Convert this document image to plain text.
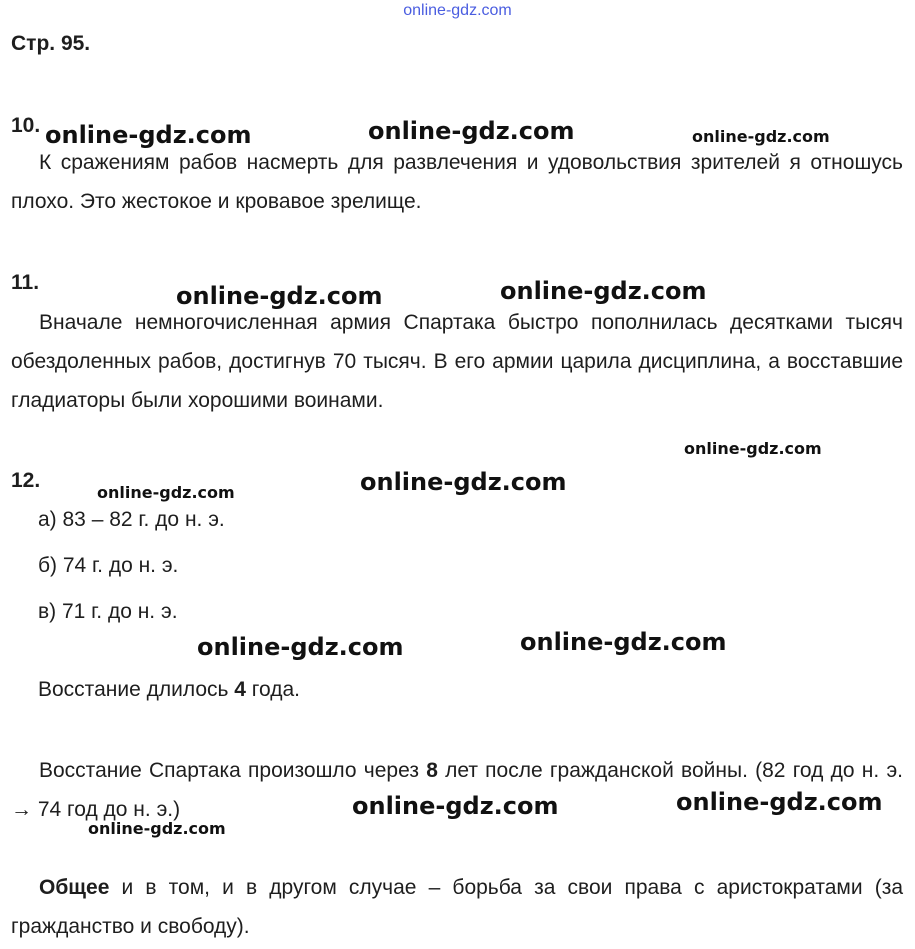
online-gdz.com
Стр. 95.
10.
К сражениям рабов насмерть для развлечения и удовольствия зрителей я отношусь плохо. Это жестокое и кровавое зрелище.
11.
Вначале немногочисленная армия Спартака быстро пополнилась десятками тысяч обездоленных рабов, достигнув 70 тысяч. В его армии царила дисциплина, а восставшие гладиаторы были хорошими воинами.
12.
а) 83 – 82 г. до н. э.
б) 74 г. до н. э.
в) 71 г. до н. э.
Восстание длилось 4 года.
Восстание Спартака произошло через 8 лет после гражданской войны. (82 год до н. э. → 74 год до н. э.)
Общее и в том, и в другом случае – борьба за свои права с аристократами (за гражданство и свободу).
online-gdz.com	online-gdz.com	online-gdz.com
online-gdz.com	online-gdz.com
online-gdz.com
online-gdz.com	online-gdz.com
online-gdz.com	online-gdz.com
online-gdz.com	online-gdz.com
online-gdz.com
